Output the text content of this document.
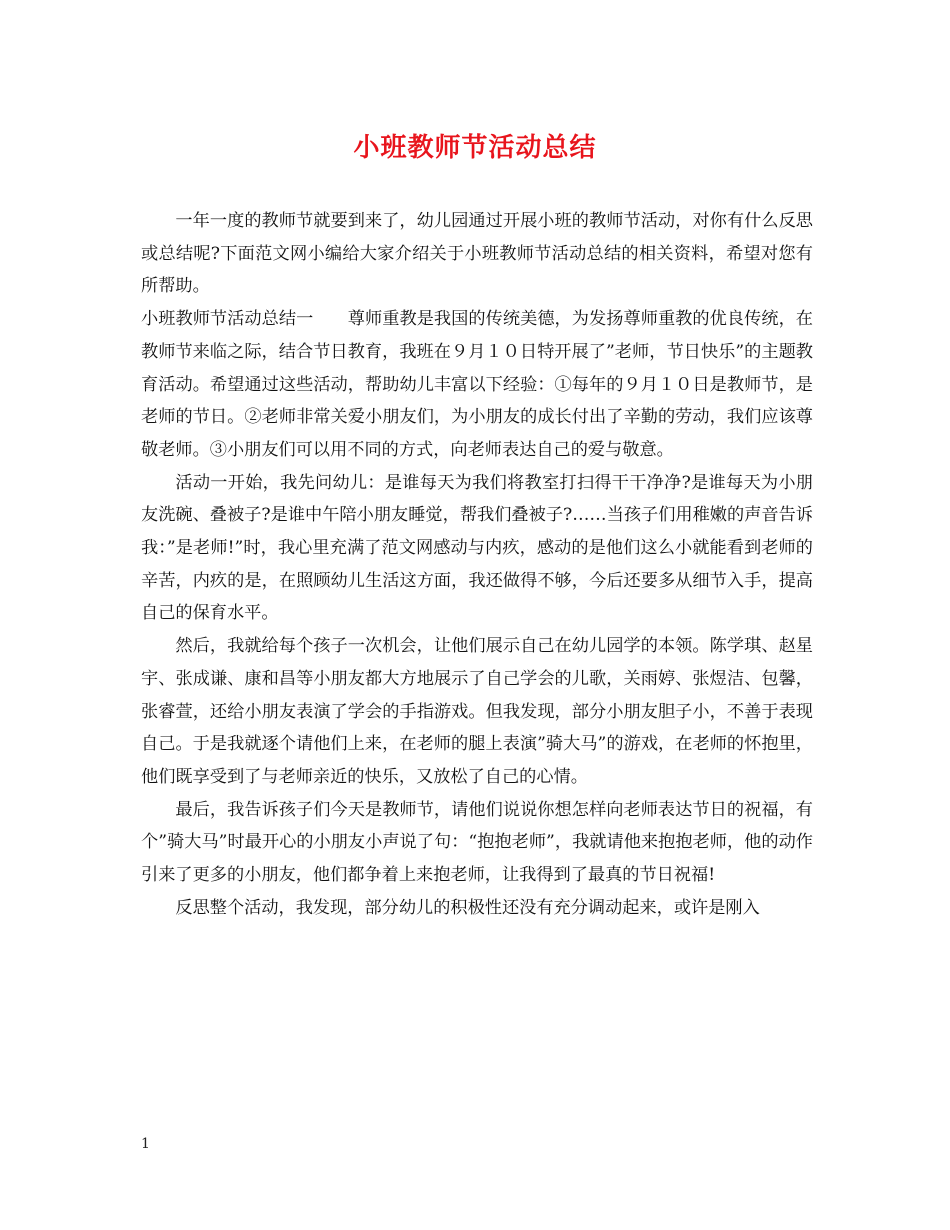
小班教师节活动总结

一年一度的教师节就要到来了，幼儿园通过开展小班的教师节活动，对你有什么反思或总结呢?下面范文网小编给大家介绍关于小班教师节活动总结的相关资料，希望对您有所帮助。

小班教师节活动总结一　　尊师重教是我国的传统美德，为发扬尊师重教的优良传统，在教师节来临之际，结合节日教育，我班在９月１０日特开展了”老师，节日快乐”的主题教育活动。希望通过这些活动，帮助幼儿丰富以下经验：①每年的９月１０日是教师节，是老师的节日。②老师非常关爱小朋友们，为小朋友的成长付出了辛勤的劳动，我们应该尊敬老师。③小朋友们可以用不同的方式，向老师表达自己的爱与敬意。

活动一开始，我先问幼儿：是谁每天为我们将教室打扫得干干净净?是谁每天为小朋友洗碗、叠被子?是谁中午陪小朋友睡觉，帮我们叠被子?……当孩子们用稚嫩的声音告诉我：”是老师!”时，我心里充满了范文网感动与内疚，感动的是他们这么小就能看到老师的辛苦，内疚的是，在照顾幼儿生活这方面，我还做得不够，今后还要多从细节入手，提高自己的保育水平。

然后，我就给每个孩子一次机会，让他们展示自己在幼儿园学的本领。陈学琪、赵星宇、张成谦、康和昌等小朋友都大方地展示了自己学会的儿歌，关雨婷、张煜洁、包馨，张睿萱，还给小朋友表演了学会的手指游戏。但我发现，部分小朋友胆子小，不善于表现自己。于是我就逐个请他们上来，在老师的腿上表演”骑大马”的游戏，在老师的怀抱里，他们既享受到了与老师亲近的快乐，又放松了自己的心情。

最后，我告诉孩子们今天是教师节，请他们说说你想怎样向老师表达节日的祝福，有个”骑大马”时最开心的小朋友小声说了句：“抱抱老师”，我就请他来抱抱老师，他的动作引来了更多的小朋友，他们都争着上来抱老师，让我得到了最真的节日祝福!

反思整个活动，我发现，部分幼儿的积极性还没有充分调动起来，或许是刚入

1
